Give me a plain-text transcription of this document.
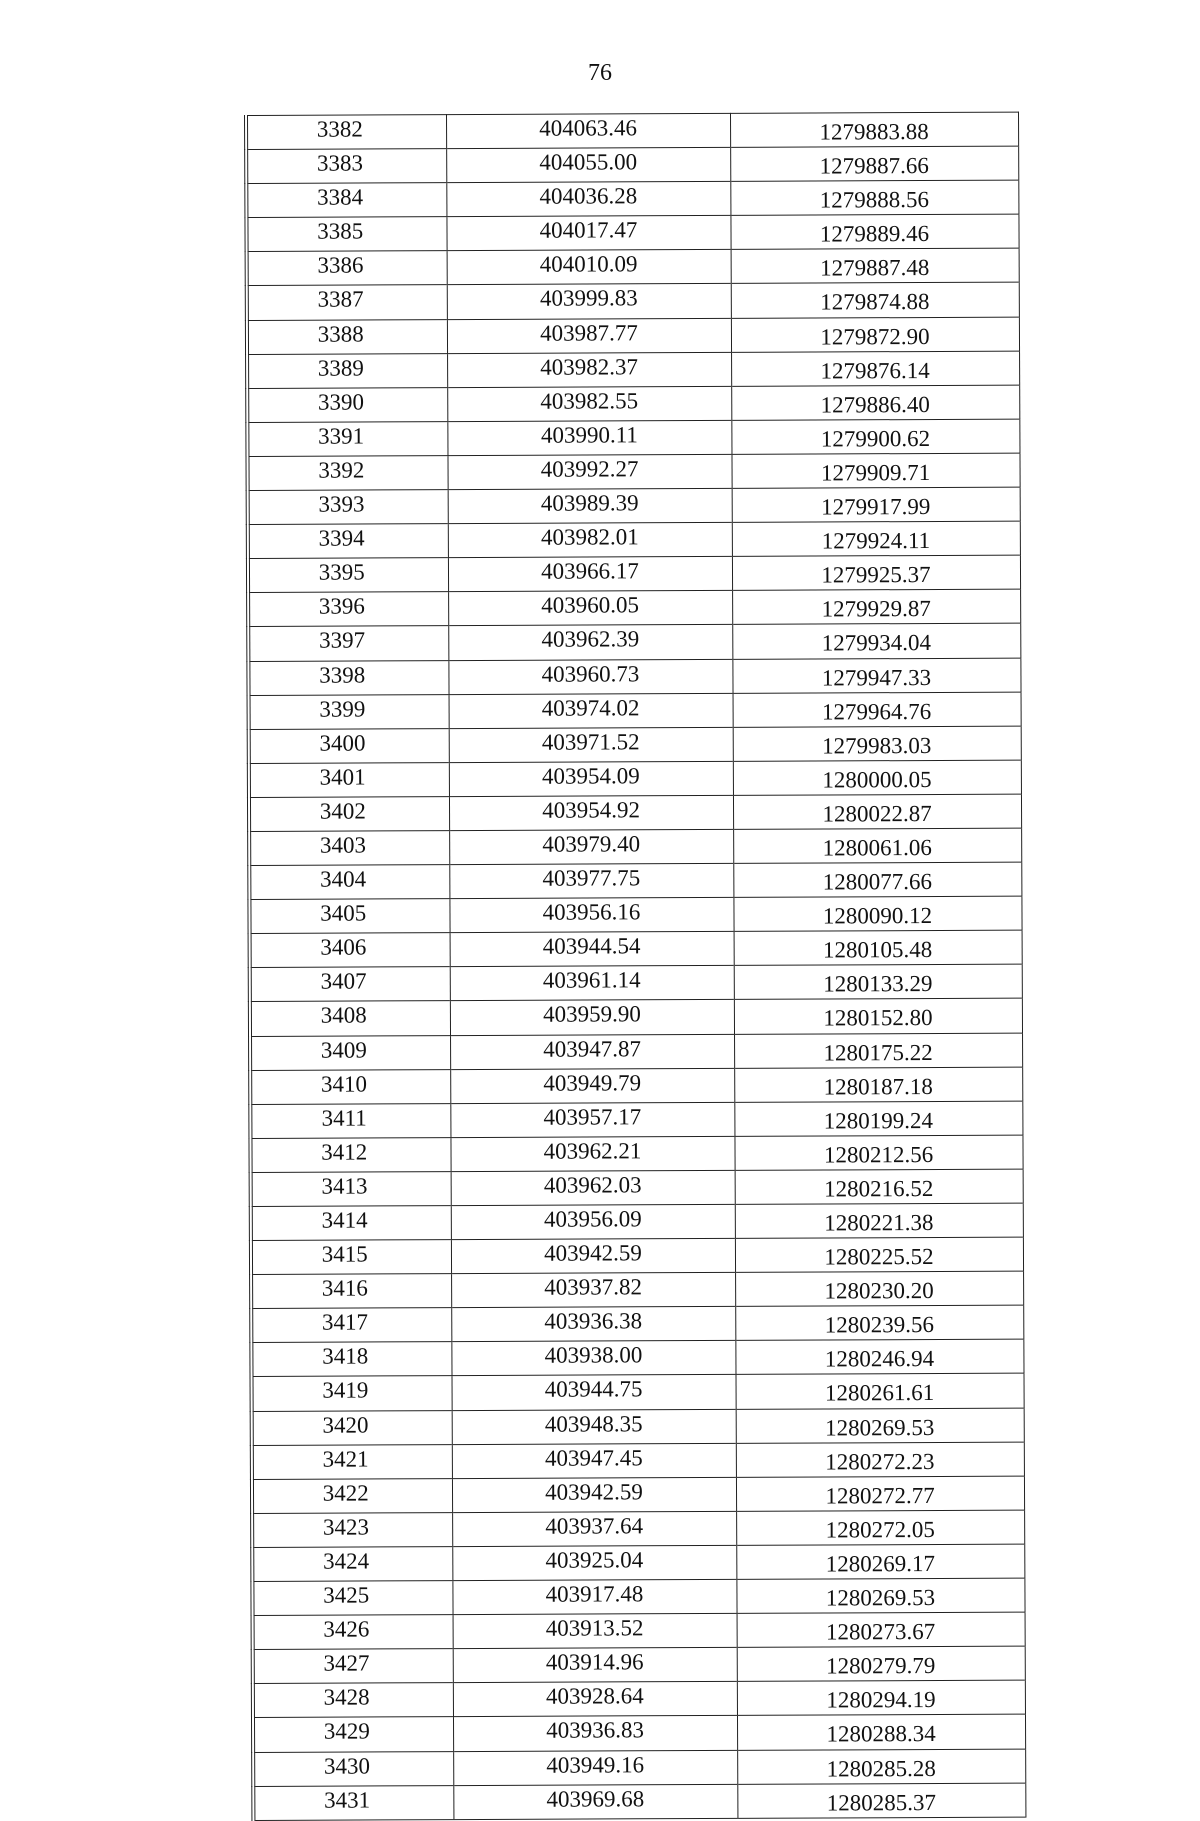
76
3382	404063.46	1279883.88
3383	404055.00	1279887.66
3384	404036.28	1279888.56
3385	404017.47	1279889.46
3386	404010.09	1279887.48
3387	403999.83	1279874.88
3388	403987.77	1279872.90
3389	403982.37	1279876.14
3390	403982.55	1279886.40
3391	403990.11	1279900.62
3392	403992.27	1279909.71
3393	403989.39	1279917.99
3394	403982.01	1279924.11
3395	403966.17	1279925.37
3396	403960.05	1279929.87
3397	403962.39	1279934.04
3398	403960.73	1279947.33
3399	403974.02	1279964.76
3400	403971.52	1279983.03
3401	403954.09	1280000.05
3402	403954.92	1280022.87
3403	403979.40	1280061.06
3404	403977.75	1280077.66
3405	403956.16	1280090.12
3406	403944.54	1280105.48
3407	403961.14	1280133.29
3408	403959.90	1280152.80
3409	403947.87	1280175.22
3410	403949.79	1280187.18
3411	403957.17	1280199.24
3412	403962.21	1280212.56
3413	403962.03	1280216.52
3414	403956.09	1280221.38
3415	403942.59	1280225.52
3416	403937.82	1280230.20
3417	403936.38	1280239.56
3418	403938.00	1280246.94
3419	403944.75	1280261.61
3420	403948.35	1280269.53
3421	403947.45	1280272.23
3422	403942.59	1280272.77
3423	403937.64	1280272.05
3424	403925.04	1280269.17
3425	403917.48	1280269.53
3426	403913.52	1280273.67
3427	403914.96	1280279.79
3428	403928.64	1280294.19
3429	403936.83	1280288.34
3430	403949.16	1280285.28
3431	403969.68	1280285.37
